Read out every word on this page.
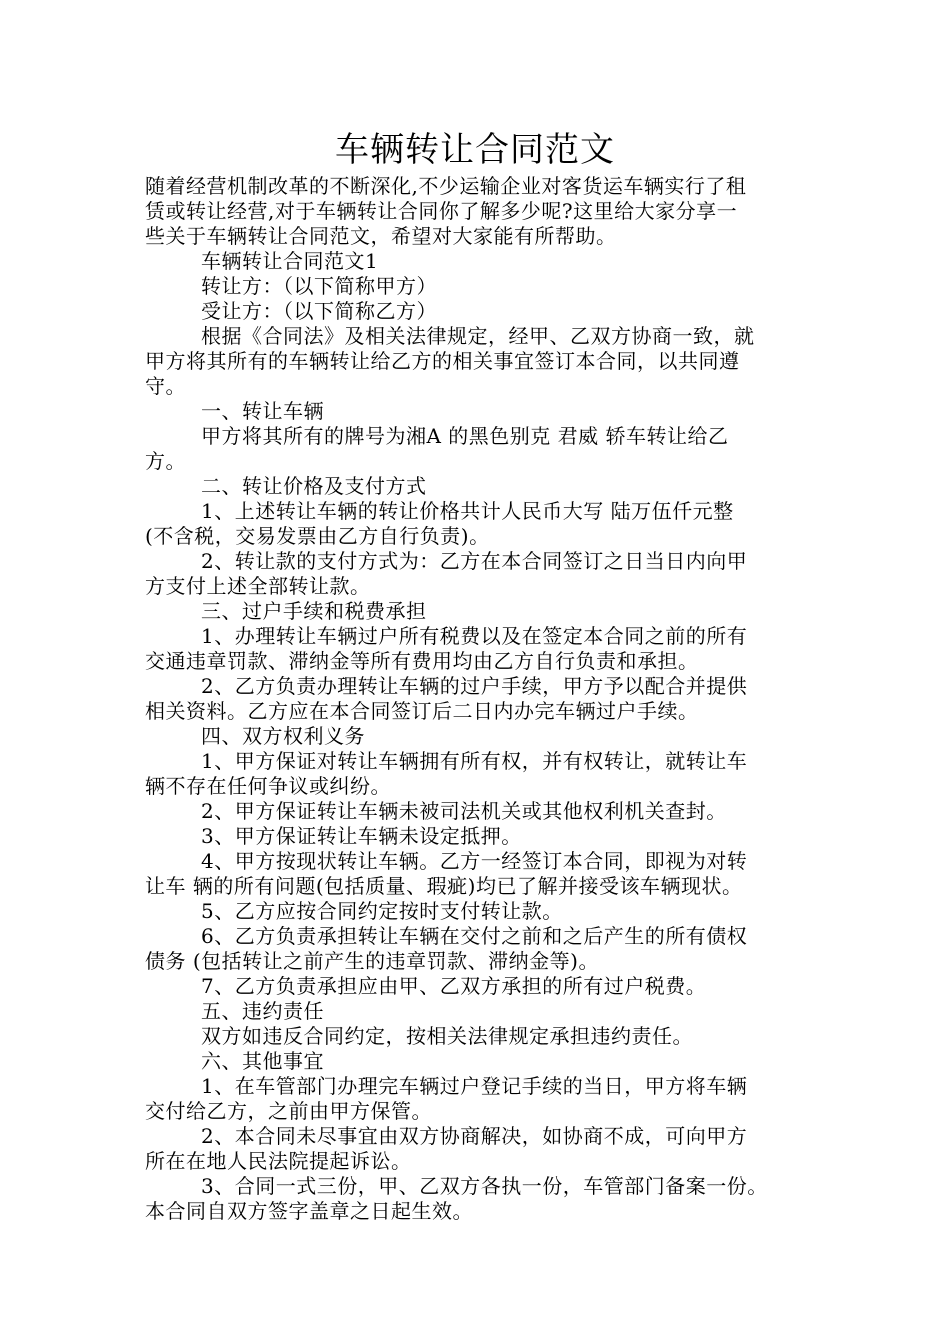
车辆转让合同范文
随着经营机制改革的不断深化,不少运输企业对客货运车辆实行了租
赁或转让经营,对于车辆转让合同你了解多少呢?这里给大家分享一
些关于车辆转让合同范文，希望对大家能有所帮助。
车辆转让合同范文1
转让方：（以下简称甲方）
受让方：（以下简称乙方）
根据《合同法》及相关法律规定，经甲、乙双方协商一致，就
甲方将其所有的车辆转让给乙方的相关事宜签订本合同，以共同遵
守。
一、转让车辆
甲方将其所有的牌号为湘A 的黑色别克 君威 轿车转让给乙
方。
二、转让价格及支付方式
1、上述转让车辆的转让价格共计人民币大写 陆万伍仟元整
(不含税，交易发票由乙方自行负责)。
2、转让款的支付方式为：乙方在本合同签订之日当日内向甲
方支付上述全部转让款。
三、过户手续和税费承担
1、办理转让车辆过户所有税费以及在签定本合同之前的所有
交通违章罚款、滞纳金等所有费用均由乙方自行负责和承担。
2、乙方负责办理转让车辆的过户手续，甲方予以配合并提供
相关资料。乙方应在本合同签订后二日内办完车辆过户手续。
四、双方权利义务
1、甲方保证对转让车辆拥有所有权，并有权转让，就转让车
辆不存在任何争议或纠纷。
2、甲方保证转让车辆未被司法机关或其他权利机关查封。
3、甲方保证转让车辆未设定抵押。
4、甲方按现状转让车辆。乙方一经签订本合同，即视为对转
让车 辆的所有问题(包括质量、瑕疵)均已了解并接受该车辆现状。
5、乙方应按合同约定按时支付转让款。
6、乙方负责承担转让车辆在交付之前和之后产生的所有债权
债务 (包括转让之前产生的违章罚款、滞纳金等)。
7、乙方负责承担应由甲、乙双方承担的所有过户税费。
五、违约责任
双方如违反合同约定，按相关法律规定承担违约责任。
六、其他事宜
1、在车管部门办理完车辆过户登记手续的当日，甲方将车辆
交付给乙方，之前由甲方保管。
2、本合同未尽事宜由双方协商解决，如协商不成，可向甲方
所在在地人民法院提起诉讼。
3、合同一式三份，甲、乙双方各执一份，车管部门备案一份。
本合同自双方签字盖章之日起生效。
